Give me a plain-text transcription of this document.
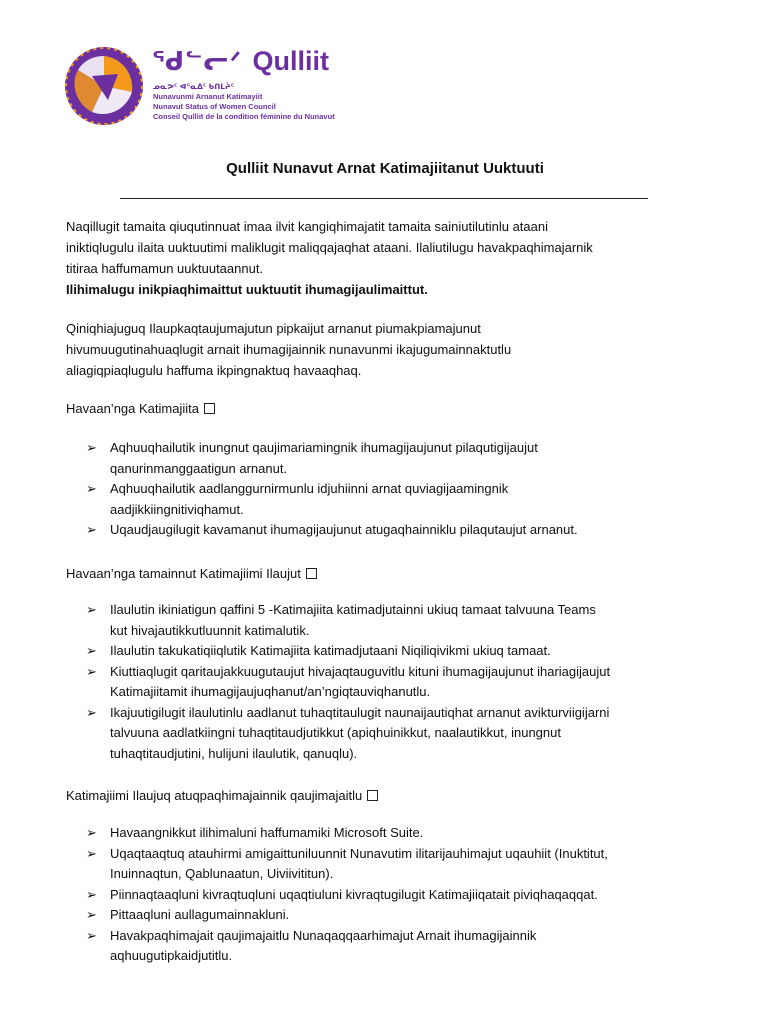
ᖁᓪᓕᐟ Qulliit
ᓄᓇᕗᑦ ᐊᕐᓇᐃᑦ ᑲᑎᒪᔩᑦ
Nunavunmi Arnanut Katimayiit
Nunavut Status of Women Council
Conseil Qulliit de la condition féminine du Nunavut
Qulliit Nunavut Arnat Katimajiitanut Uuktuuti
Naqillugit tamaita qiuqutinnuat imaa ilvit kangiqhimajatit tamaita sainiutilutinlu ataani
iniktiqlugulu ilaita uuktuutimi maliklugit maliqqajaqhat ataani. Ilaliutilugu havakpaqhimajarnik
titiraa haffumamun uuktuutaannut.
Ilihimalugu inikpiaqhimaittut uuktuutit ihumagijaulimaittut.
Qiniqhiajuguq Ilaupkaqtaujumajutun pipkaijut arnanut piumakpiamajunut
hivumuugutinahuaqlugit arnait ihumagijainnik nunavunmi ikajugumainnaktutlu
aliagiqpiaqlugulu haffuma ikpingnaktuq havaaqhaq.
Havaan’nga Katimajiita
➢	Aqhuuqhailutik inungnut qaujimariamingnik ihumagijaujunut pilaqutigijaujut
qanurinmanggaatigun arnanut.
➢	Aqhuuqhailutik aadlanggurnirmunlu idjuhiinni arnat quviagijaamingnik
aadjikkiingnitiviqhamut.
➢	Uqaudjaugilugit kavamanut ihumagijaujunut atugaqhainniklu pilaqutaujut arnanut.
Havaan’nga tamainnut Katimajiimi Ilaujut
➢	Ilaulutin ikiniatigun qaffini 5 -Katimajiita katimadjutainni ukiuq tamaat talvuuna Teams
kut hivajautikkutluunnit katimalutik.
➢	Ilaulutin takukatiqiiqlutik Katimajiita katimadjutaani Niqiliqivikmi ukiuq tamaat.
➢	Kiuttiaqlugit qaritaujakkuugutaujut hivajaqtauguvitlu kituni ihumagijaujunut ihariagijaujut
Katimajiitamit ihumagijaujuqhanut/an’ngiqtauviqhanutlu.
➢	Ikajuutigilugit ilaulutinlu aadlanut tuhaqtitaulugit naunaijautiqhat arnanut avikturviigijarni
talvuuna aadlatkiingni tuhaqtitaudjutikkut (apiqhuinikkut, naalautikkut, inungnut
tuhaqtitaudjutini, hulijuni ilaulutik, qanuqlu).
Katimajiimi Ilaujuq atuqpaqhimajainnik qaujimajaitlu
➢	Havaangnikkut ilihimaluni haffumamiki Microsoft Suite.
➢	Uqaqtaaqtuq atauhirmi amigaittuniluunnit Nunavutim ilitarijauhimajut uqauhiit (Inuktitut,
Inuinnaqtun, Qablunaatun, Uiviivititun).
➢	Piinnaqtaaqluni kivraqtuqluni uqaqtiuluni kivraqtugilugit Katimajiiqatait piviqhaqaqqat.
➢	Pittaaqluni aullagumainnakluni.
➢	Havakpaqhimajait qaujimajaitlu Nunaqaqqaarhimajut Arnait ihumagijainnik
aqhuugutipkaidjutitlu.
